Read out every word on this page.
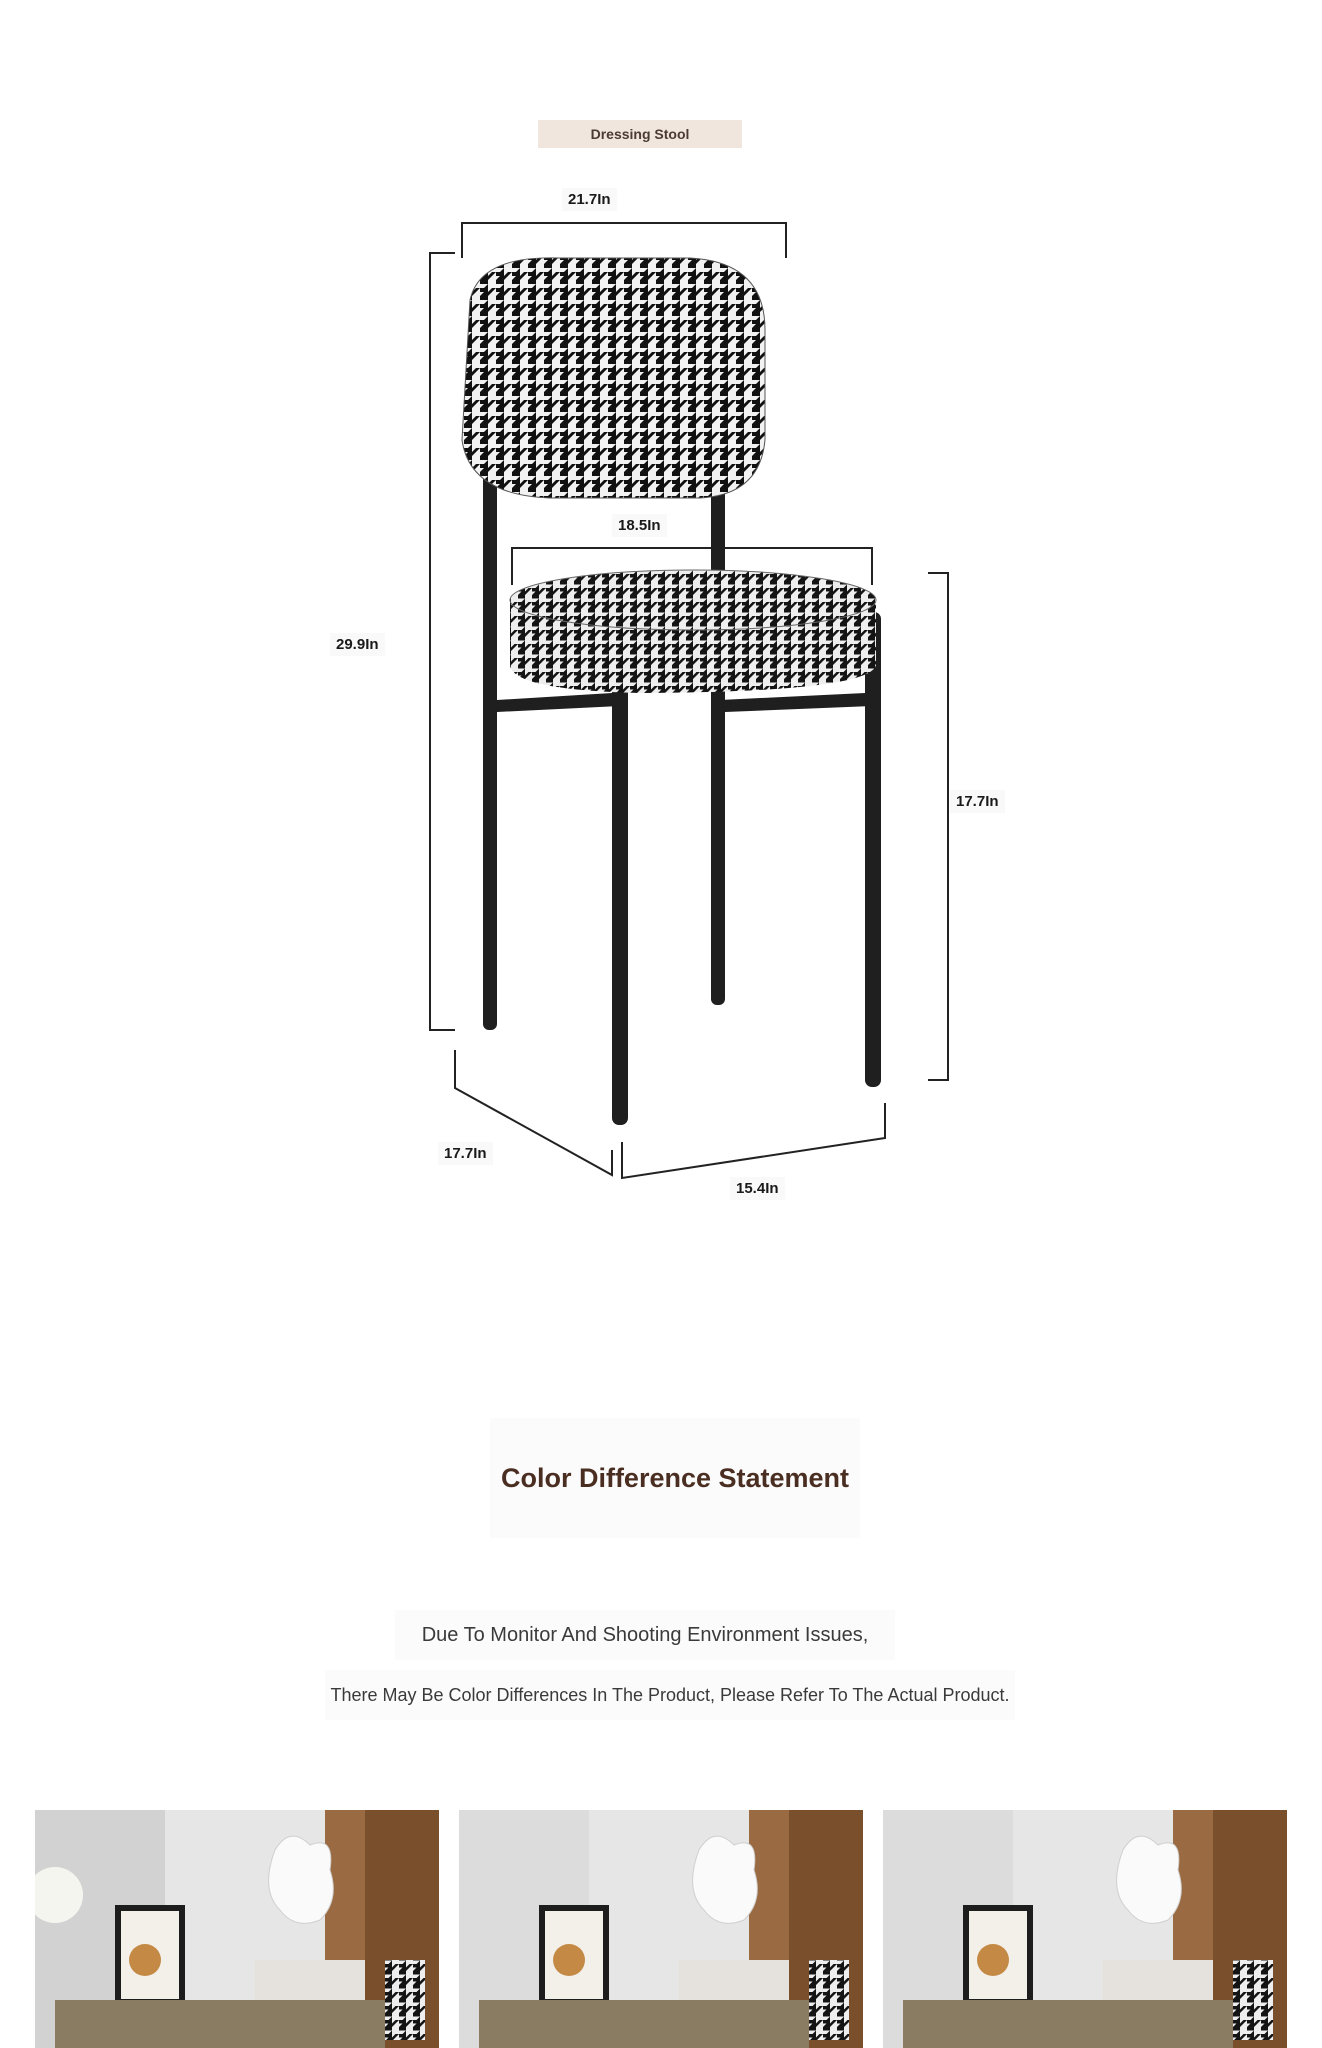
Dressing Stool
21.7In
18.5In
29.9In
17.7In
17.7In
15.4In
Color Difference Statement
Due To Monitor And Shooting Environment Issues,
There May Be Color Differences In The Product, Please Refer To The Actual Product.
